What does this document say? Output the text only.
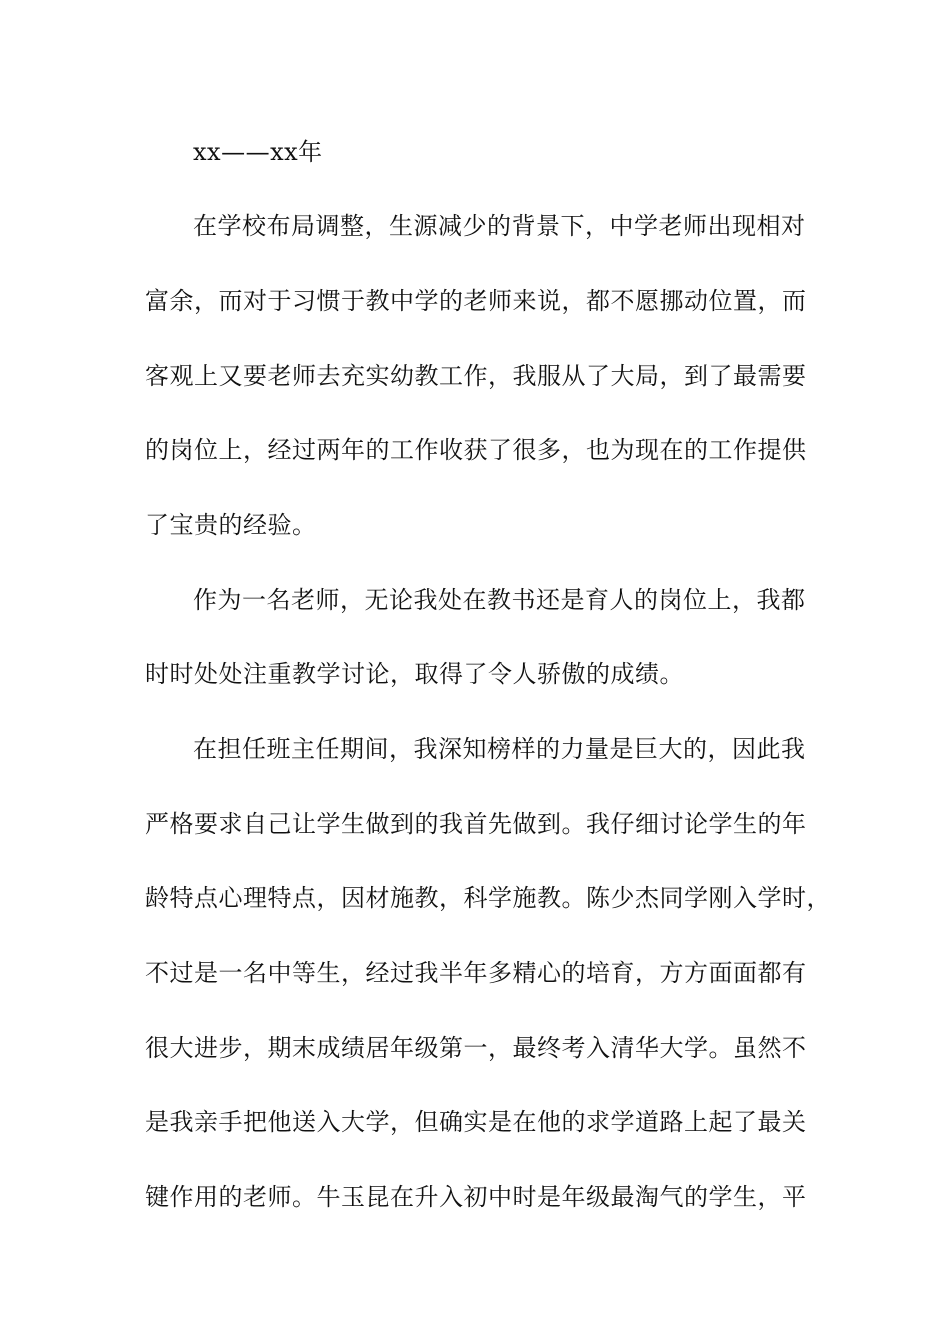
xx——xx年
在学校布局调整，生源减少的背景下，中学老师出现相对
富余，而对于习惯于教中学的老师来说，都不愿挪动位置，而
客观上又要老师去充实幼教工作，我服从了大局，到了最需要
的岗位上，经过两年的工作收获了很多，也为现在的工作提供
了宝贵的经验。
作为一名老师，无论我处在教书还是育人的岗位上，我都
时时处处注重教学讨论，取得了令人骄傲的成绩。
在担任班主任期间，我深知榜样的力量是巨大的，因此我
严格要求自己让学生做到的我首先做到。我仔细讨论学生的年
龄特点心理特点，因材施教，科学施教。陈少杰同学刚入学时，
不过是一名中等生，经过我半年多精心的培育，方方面面都有
很大进步，期末成绩居年级第一，最终考入清华大学。虽然不
是我亲手把他送入大学，但确实是在他的求学道路上起了最关
键作用的老师。牛玉昆在升入初中时是年级最淘气的学生，平
